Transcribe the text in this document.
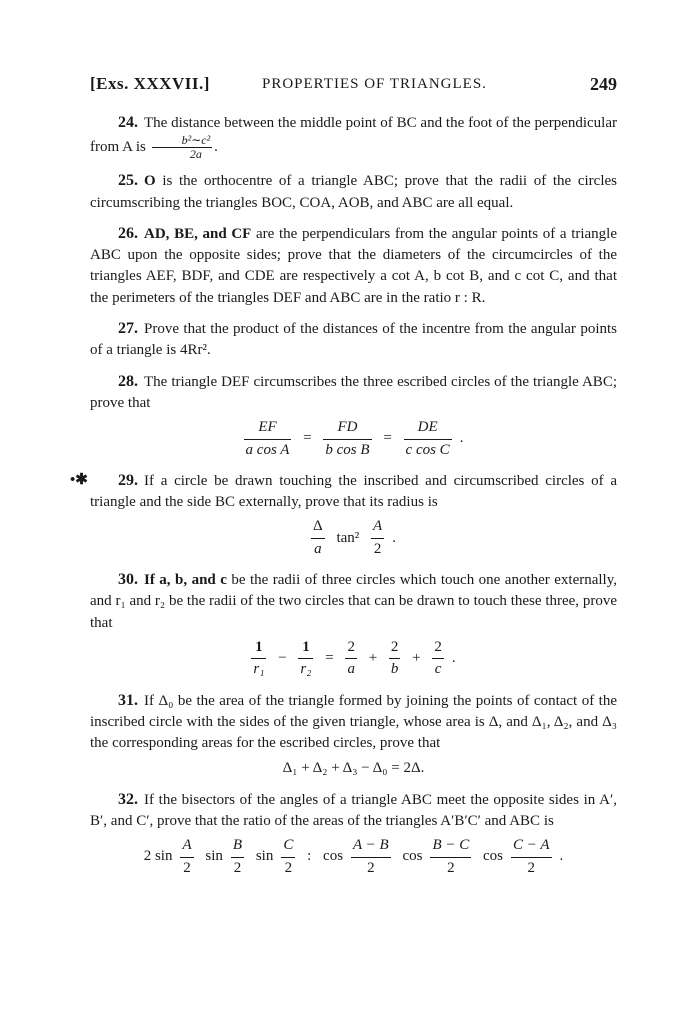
[Exs. XXXVII.]	PROPERTIES OF TRIANGLES.	249

24. The distance between the middle point of BC and the foot of the perpendicular from A is $\frac{\text{b²∼c²}}{2a}$ .

25. O is the orthocentre of a triangle ABC; prove that the radii of the circles circumscribing the triangles BOC, COA, AOB, and ABC are all equal.

26. AD, BE, and CF are the perpendiculars from the angular points of a triangle ABC upon the opposite sides; prove that the diameters of the circumcircles of the triangles AEF, BDF, and CDE are respectively a cot A, b cot B, and c cot C, and that the perimeters of the triangles DEF and ABC are in the ratio r : R.

27. Prove that the product of the distances of the incentre from the angular points of a triangle is 4Rr².

28. The triangle DEF circumscribes the three escribed circles of the triangle ABC; prove that

$\frac{EF}{\text{a cos A}} = \frac{FD}{\text{b cos B}} = \frac{DE}{\text{c cos C}}$ .
•✱	29. If a circle be drawn touching the inscribed and circumscribed circles of a triangle and the side BC externally, prove that its radius is

$\frac{\Delta}{a} \tan^2 \frac{A}{2}$ .

30. If a, b, and c be the radii of three circles which touch one another externally, and r₁ and r₂ be the radii of the two circles that can be drawn to touch these three, prove that

$\frac{1}{\text{r₁}} - \frac{1}{\text{r₂}} = \frac{2}{a} + \frac{2}{b} + \frac{2}{c}$ .

31. If Δ₀ be the area of the triangle formed by joining the points of contact of the inscribed circle with the sides of the given triangle, whose area is Δ, and Δ₁, Δ₂, and Δ₃ the corresponding areas for the escribed circles, prove that

Δ₁ + Δ₂ + Δ₃ − Δ₀ = 2Δ.

32. If the bisectors of the angles of a triangle ABC meet the opposite sides in A′, B′, and C′, prove that the ratio of the areas of the triangles A′B′C′ and ABC is

2 $\sin \frac{A}{2}$ $\sin \frac{B}{2}$ $\sin \frac{C}{2}$ : $\cos \frac{A - B}{2}$ $\cos \frac{B - C}{2}$ $\cos \frac{C - A}{2}$ .
